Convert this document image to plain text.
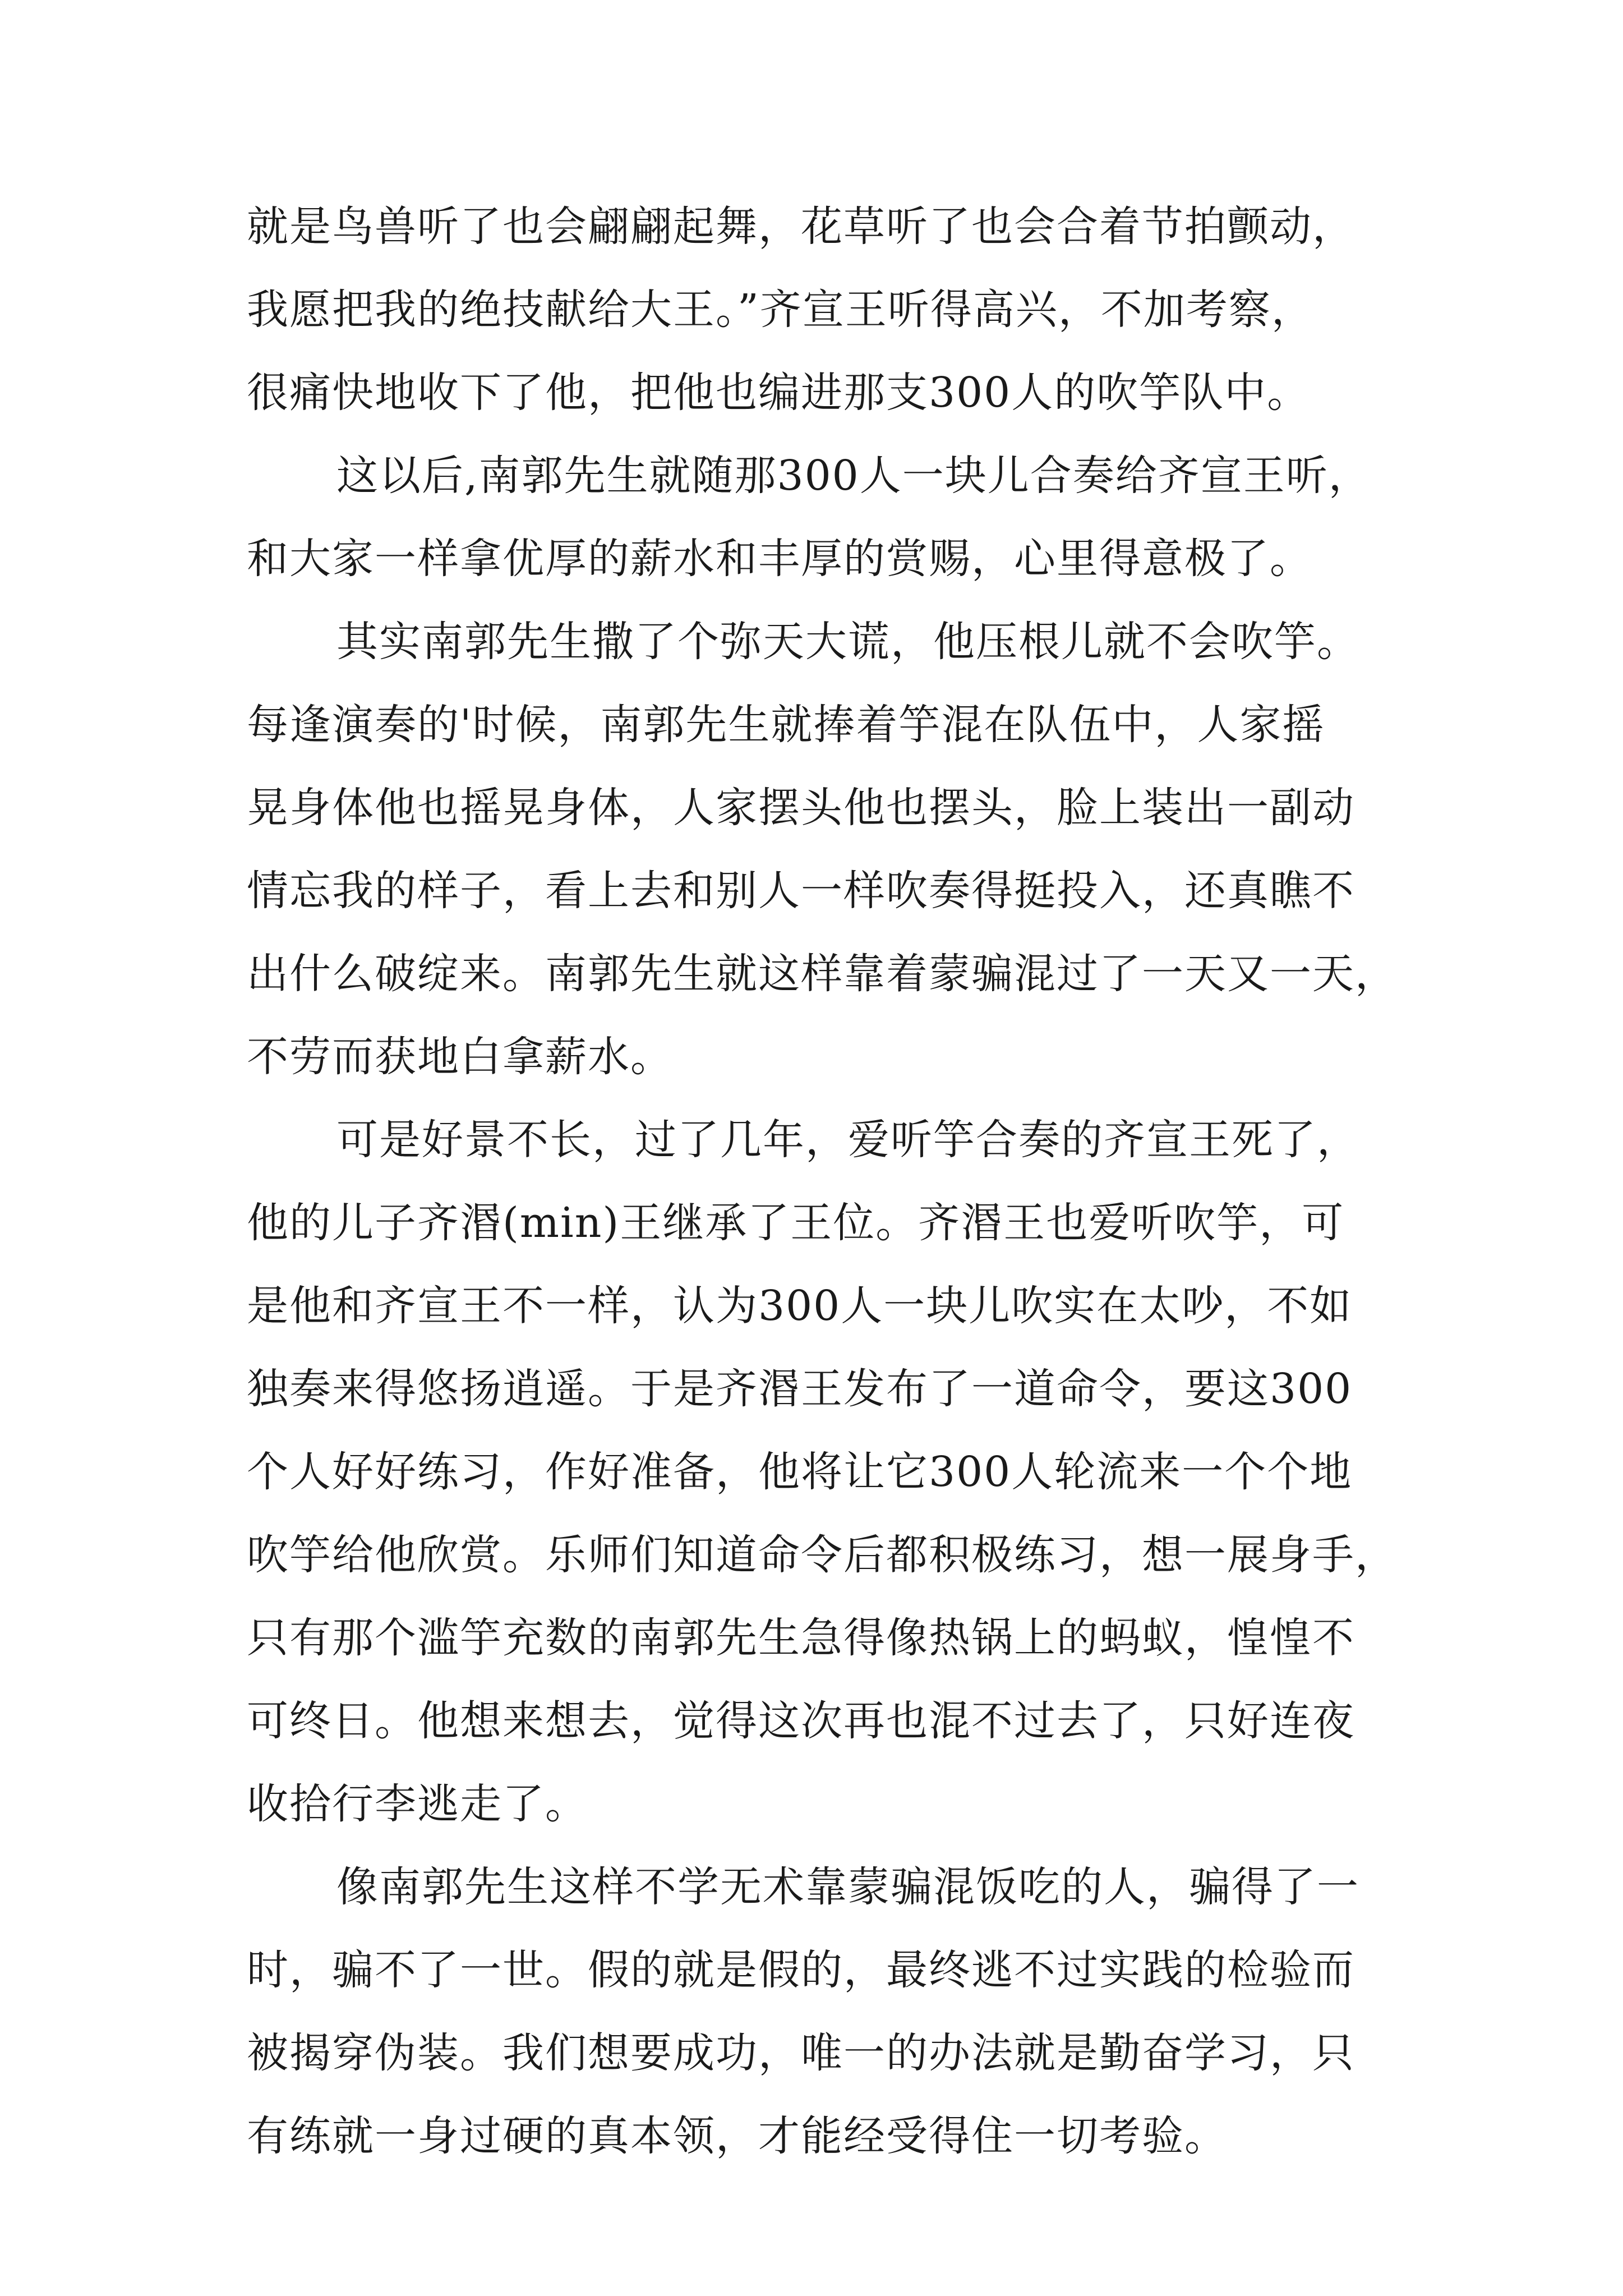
就是鸟兽听了也会翩翩起舞，花草听了也会合着节拍颤动，
我愿把我的绝技献给大王。”齐宣王听得高兴，不加考察，
很痛快地收下了他，把他也编进那支300人的吹竽队中。
这以后,南郭先生就随那300人一块儿合奏给齐宣王听，
和大家一样拿优厚的薪水和丰厚的赏赐，心里得意极了。
其实南郭先生撒了个弥天大谎，他压根儿就不会吹竽。
每逢演奏的'时候，南郭先生就捧着竽混在队伍中，人家摇
晃身体他也摇晃身体，人家摆头他也摆头，脸上装出一副动
情忘我的样子，看上去和别人一样吹奏得挺投入，还真瞧不
出什么破绽来。南郭先生就这样靠着蒙骗混过了一天又一天，
不劳而获地白拿薪水。
可是好景不长，过了几年，爱听竽合奏的齐宣王死了，
他的儿子齐湣(min)王继承了王位。齐湣王也爱听吹竽，可
是他和齐宣王不一样，认为300人一块儿吹实在太吵，不如
独奏来得悠扬逍遥。于是齐湣王发布了一道命令，要这300
个人好好练习，作好准备，他将让它300人轮流来一个个地
吹竽给他欣赏。乐师们知道命令后都积极练习，想一展身手，
只有那个滥竽充数的南郭先生急得像热锅上的蚂蚁，惶惶不
可终日。他想来想去，觉得这次再也混不过去了，只好连夜
收拾行李逃走了。
像南郭先生这样不学无术靠蒙骗混饭吃的人，骗得了一
时，骗不了一世。假的就是假的，最终逃不过实践的检验而
被揭穿伪装。我们想要成功，唯一的办法就是勤奋学习，只
有练就一身过硬的真本领，才能经受得住一切考验。
